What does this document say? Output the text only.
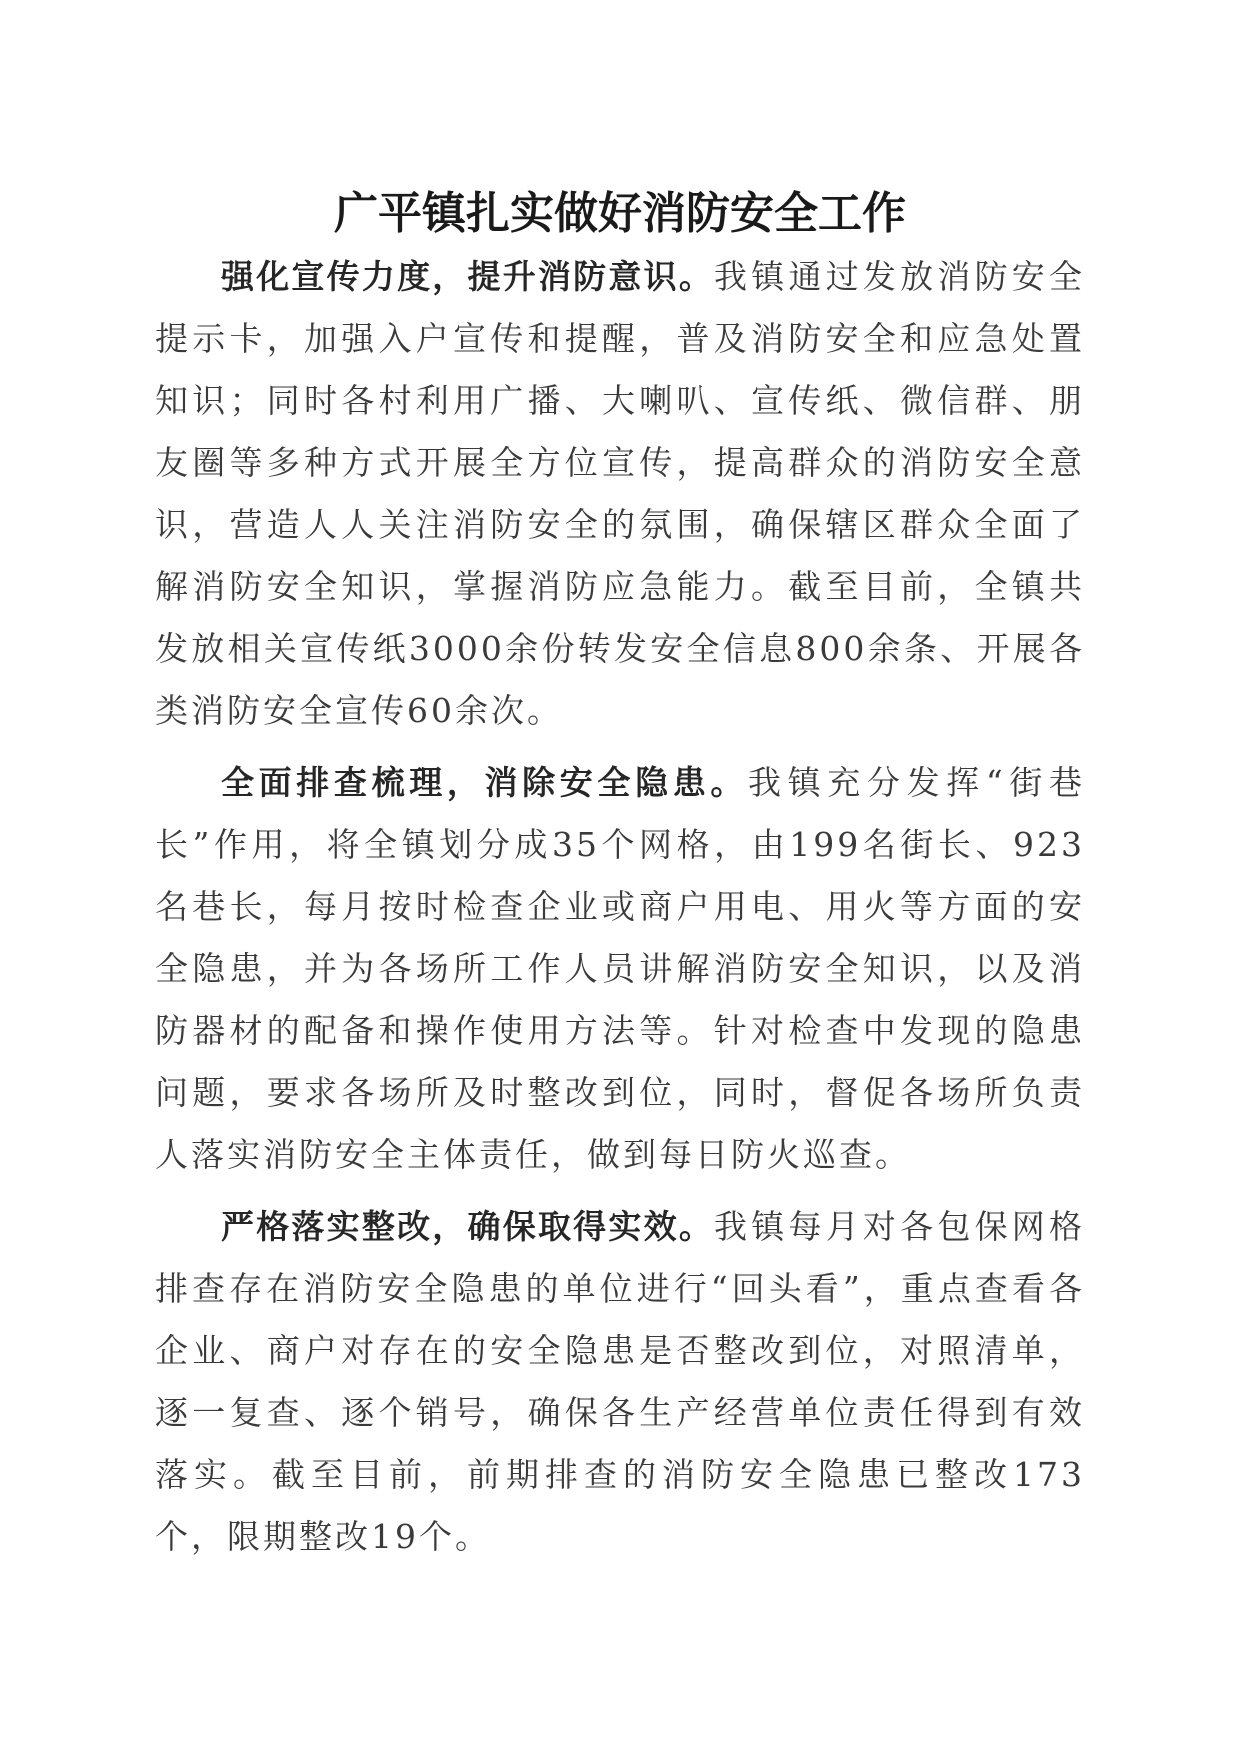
广平镇扎实做好消防安全工作

强化宣传力度，提升消防意识。我镇通过发放消防安全提示卡，加强入户宣传和提醒，普及消防安全和应急处置知识；同时各村利用广播、大喇叭、宣传纸、微信群、朋友圈等多种方式开展全方位宣传，提高群众的消防安全意识，营造人人关注消防安全的氛围，确保辖区群众全面了解消防安全知识，掌握消防应急能力。截至目前，全镇共发放相关宣传纸3000余份转发安全信息800余条、开展各类消防安全宣传60余次。

全面排查梳理，消除安全隐患。我镇充分发挥“街巷长”作用，将全镇划分成35个网格，由199名街长、923名巷长，每月按时检查企业或商户用电、用火等方面的安全隐患，并为各场所工作人员讲解消防安全知识，以及消防器材的配备和操作使用方法等。针对检查中发现的隐患问题，要求各场所及时整改到位，同时，督促各场所负责人落实消防安全主体责任，做到每日防火巡查。

严格落实整改，确保取得实效。我镇每月对各包保网格排查存在消防安全隐患的单位进行“回头看”，重点查看各企业、商户对存在的安全隐患是否整改到位，对照清单，逐一复查、逐个销号，确保各生产经营单位责任得到有效落实。截至目前，前期排查的消防安全隐患已整改173个，限期整改19个。
